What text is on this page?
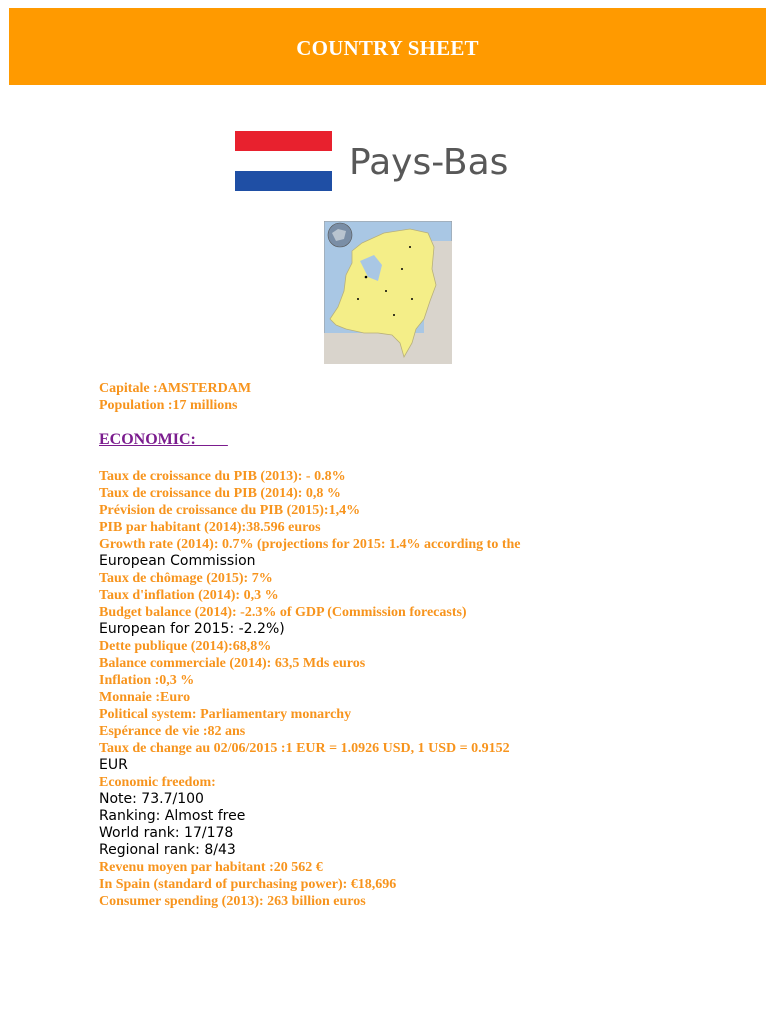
COUNTRY SHEET
Pays-Bas
Capitale :AMSTERDAM
Population :17 millions
ECONOMIC:
Taux de croissance du PIB (2013): - 0.8%
Taux de croissance du PIB (2014): 0,8 %
Prévision de croissance du PIB (2015):1,4%
PIB par habitant (2014):38.596 euros
Growth rate (2014): 0.7% (projections for 2015: 1.4% according to the
European Commission
Taux de chômage (2015): 7%
Taux d'inflation (2014): 0,3 %
Budget balance (2014): -2.3% of GDP (Commission forecasts)
European for 2015: -2.2%)
Dette publique (2014):68,8%
Balance commerciale (2014): 63,5 Mds euros
Inflation :0,3 %
Monnaie :Euro
Political system: Parliamentary monarchy
Espérance de vie :82 ans
Taux de change au 02/06/2015 :1 EUR = 1.0926 USD, 1 USD = 0.9152
EUR
Economic freedom:
Note: 73.7/100
Ranking: Almost free
World rank: 17/178
Regional rank: 8/43
Revenu moyen par habitant :20 562 €
In Spain (standard of purchasing power): €18,696
Consumer spending (2013): 263 billion euros
